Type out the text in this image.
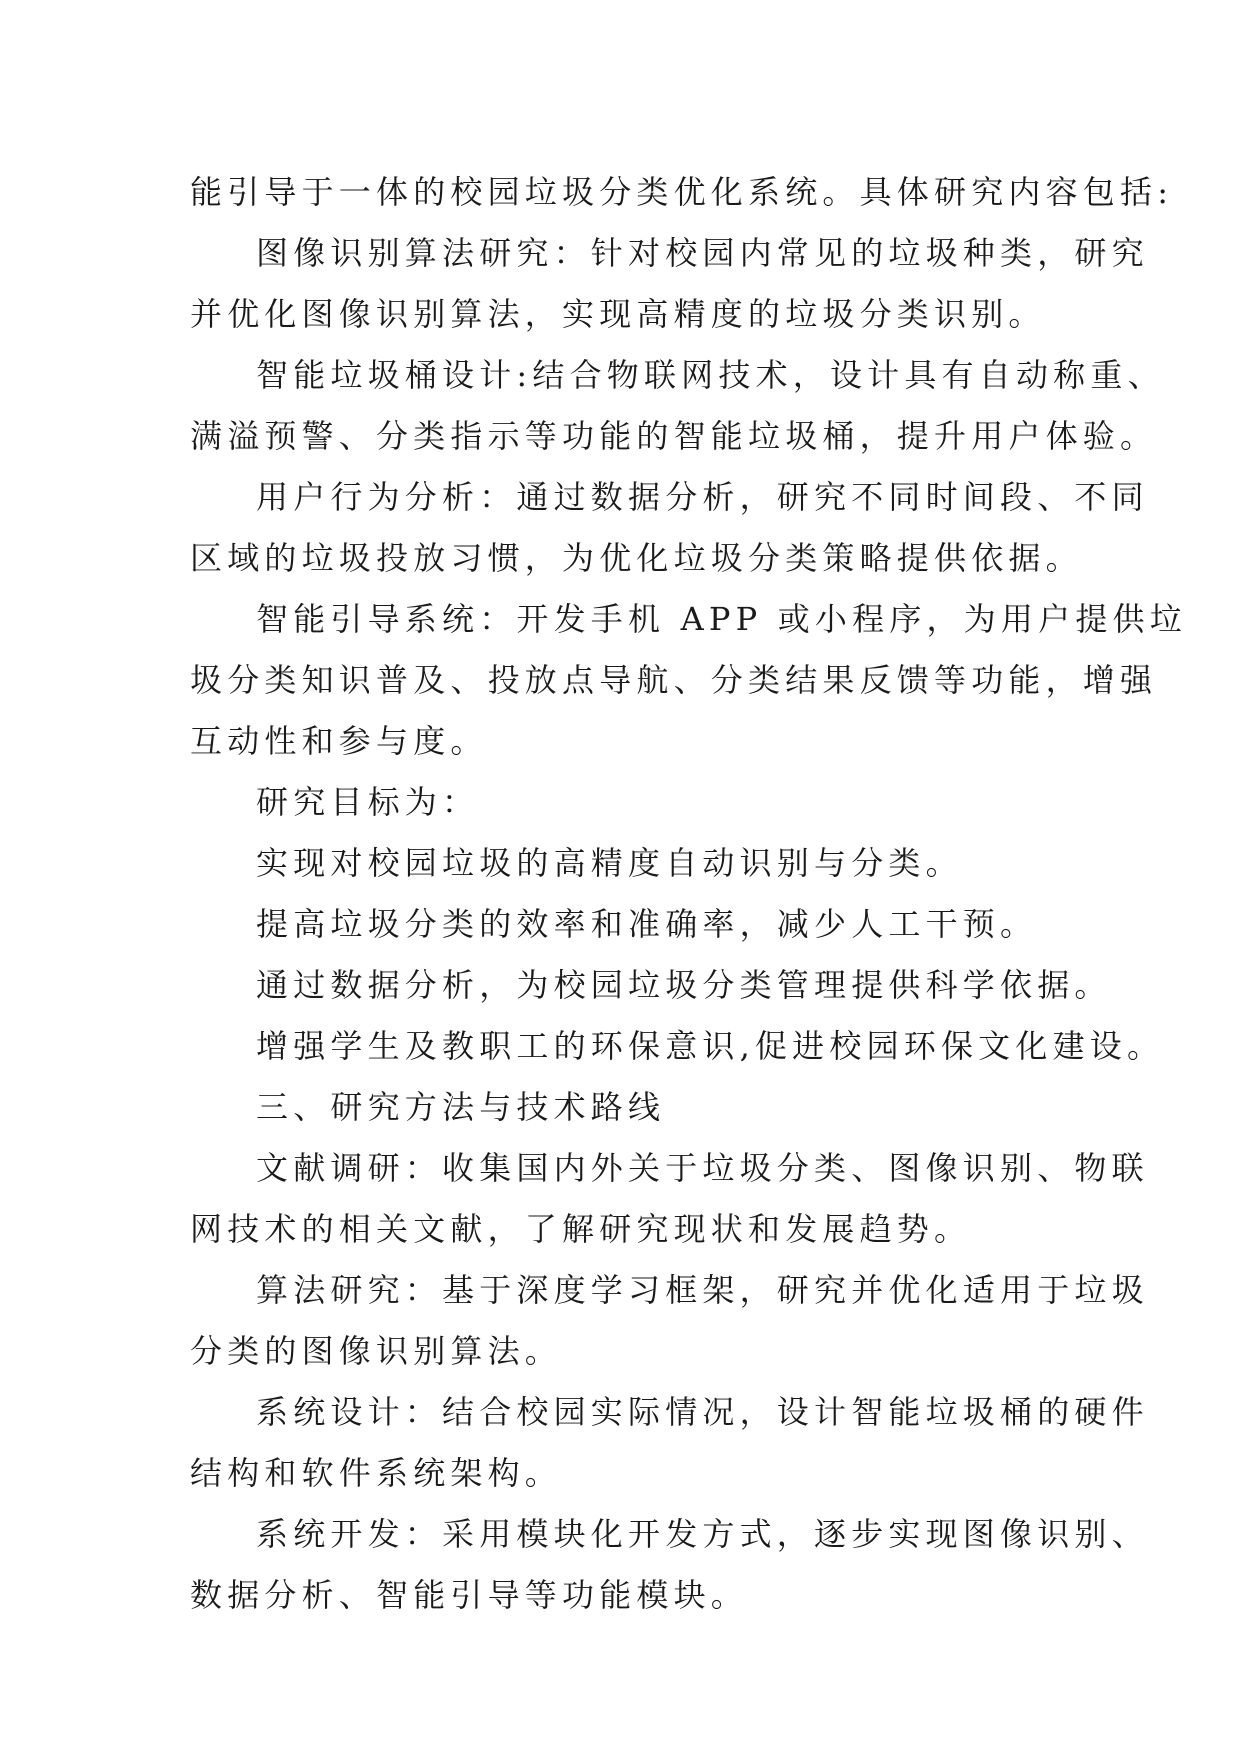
能引导于一体的校园垃圾分类优化系统。具体研究内容包括:
图像识别算法研究：针对校园内常见的垃圾种类，研究
并优化图像识别算法，实现高精度的垃圾分类识别。
智能垃圾桶设计:结合物联网技术，设计具有自动称重、
满溢预警、分类指示等功能的智能垃圾桶，提升用户体验。
用户行为分析：通过数据分析，研究不同时间段、不同
区域的垃圾投放习惯，为优化垃圾分类策略提供依据。
智能引导系统：开发手机 APP 或小程序，为用户提供垃
圾分类知识普及、投放点导航、分类结果反馈等功能，增强
互动性和参与度。
研究目标为：
实现对校园垃圾的高精度自动识别与分类。
提高垃圾分类的效率和准确率，减少人工干预。
通过数据分析，为校园垃圾分类管理提供科学依据。
增强学生及教职工的环保意识,促进校园环保文化建设。
三、研究方法与技术路线
文献调研：收集国内外关于垃圾分类、图像识别、物联
网技术的相关文献，了解研究现状和发展趋势。
算法研究：基于深度学习框架，研究并优化适用于垃圾
分类的图像识别算法。
系统设计：结合校园实际情况，设计智能垃圾桶的硬件
结构和软件系统架构。
系统开发：采用模块化开发方式，逐步实现图像识别、
数据分析、智能引导等功能模块。
